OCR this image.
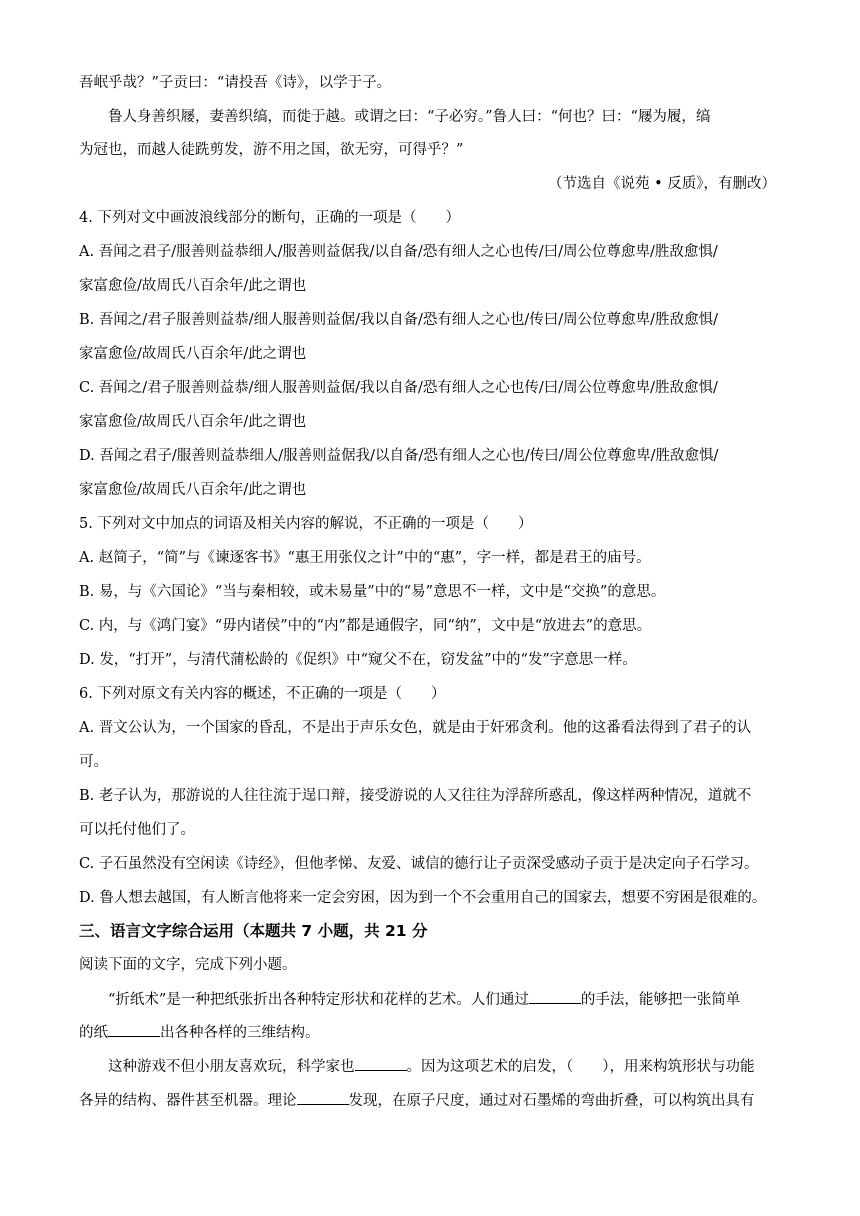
吾岷乎哉？”子贡曰：“请投吾《诗》，以学于子。
鲁人身善织屦，妻善织缟，而徙于越。或谓之曰：“子必穷。”鲁人曰：“何也？曰：“屦为履，缟
为冠也，而越人徒跣剪发，游不用之国，欲无穷，可得乎？”
（节选自《说苑 • 反质》，有删改）
4. 下列对文中画波浪线部分的断句，正确的一项是（　　）
A. 吾闻之君子/服善则益恭细人/服善则益倨我/以自备/恐有细人之心也传/曰/周公位尊愈卑/胜敌愈惧/
家富愈俭/故周氏八百余年/此之谓也
B. 吾闻之/君子服善则益恭/细人服善则益倨/我以自备/恐有细人之心也/传曰/周公位尊愈卑/胜敌愈惧/
家富愈俭/故周氏八百余年/此之谓也
C. 吾闻之/君子服善则益恭/细人服善则益倨/我以自备/恐有细人之心也传/曰/周公位尊愈卑/胜敌愈惧/
家富愈俭/故周氏八百余年/此之谓也
D. 吾闻之君子/服善则益恭细人/服善则益倨我/以自备/恐有细人之心也/传曰/周公位尊愈卑/胜敌愈惧/
家富愈俭/故周氏八百余年/此之谓也
5. 下列对文中加点的词语及相关内容的解说，不正确的一项是（　　）
A. 赵简子，“简”与《谏逐客书》“惠王用张仪之计”中的“惠”，字一样，都是君王的庙号。
B. 易，与《六国论》“当与秦相较，或未易量”中的“易”意思不一样，文中是“交换”的意思。
C. 内，与《鸿门宴》“毋内诸侯”中的“内”都是通假字，同“纳”，文中是“放进去”的意思。
D. 发，“打开”，与清代蒲松龄的《促织》中“窥父不在，窃发盆”中的“发”字意思一样。
6. 下列对原文有关内容的概述，不正确的一项是（　　）
A. 晋文公认为，一个国家的昏乱，不是出于声乐女色，就是由于奸邪贪利。他的这番看法得到了君子的认
可。
B. 老子认为，那游说的人往往流于逞口辩，接受游说的人又往往为浮辞所惑乱，像这样两种情况，道就不
可以托付他们了。
C. 子石虽然没有空闲读《诗经》，但他孝悌、友爱、诚信的德行让子贡深受感动子贡于是决定向子石学习。
D. 鲁人想去越国，有人断言他将来一定会穷困，因为到一个不会重用自己的国家去，想要不穷困是很难的。
三、语言文字综合运用（本题共 7 小题，共 21 分
阅读下面的文字，完成下列小题。
“折纸术”是一种把纸张折出各种特定形状和花样的艺术。人们通过	的手法，能够把一张简单
的纸	出各种各样的三维结构。
这种游戏不但小朋友喜欢玩，科学家也	。因为这项艺术的启发，（　　），用来构筑形状与功能
各异的结构、器件甚至机器。理论	发现，在原子尺度，通过对石墨烯的弯曲折叠，可以构筑出具有
